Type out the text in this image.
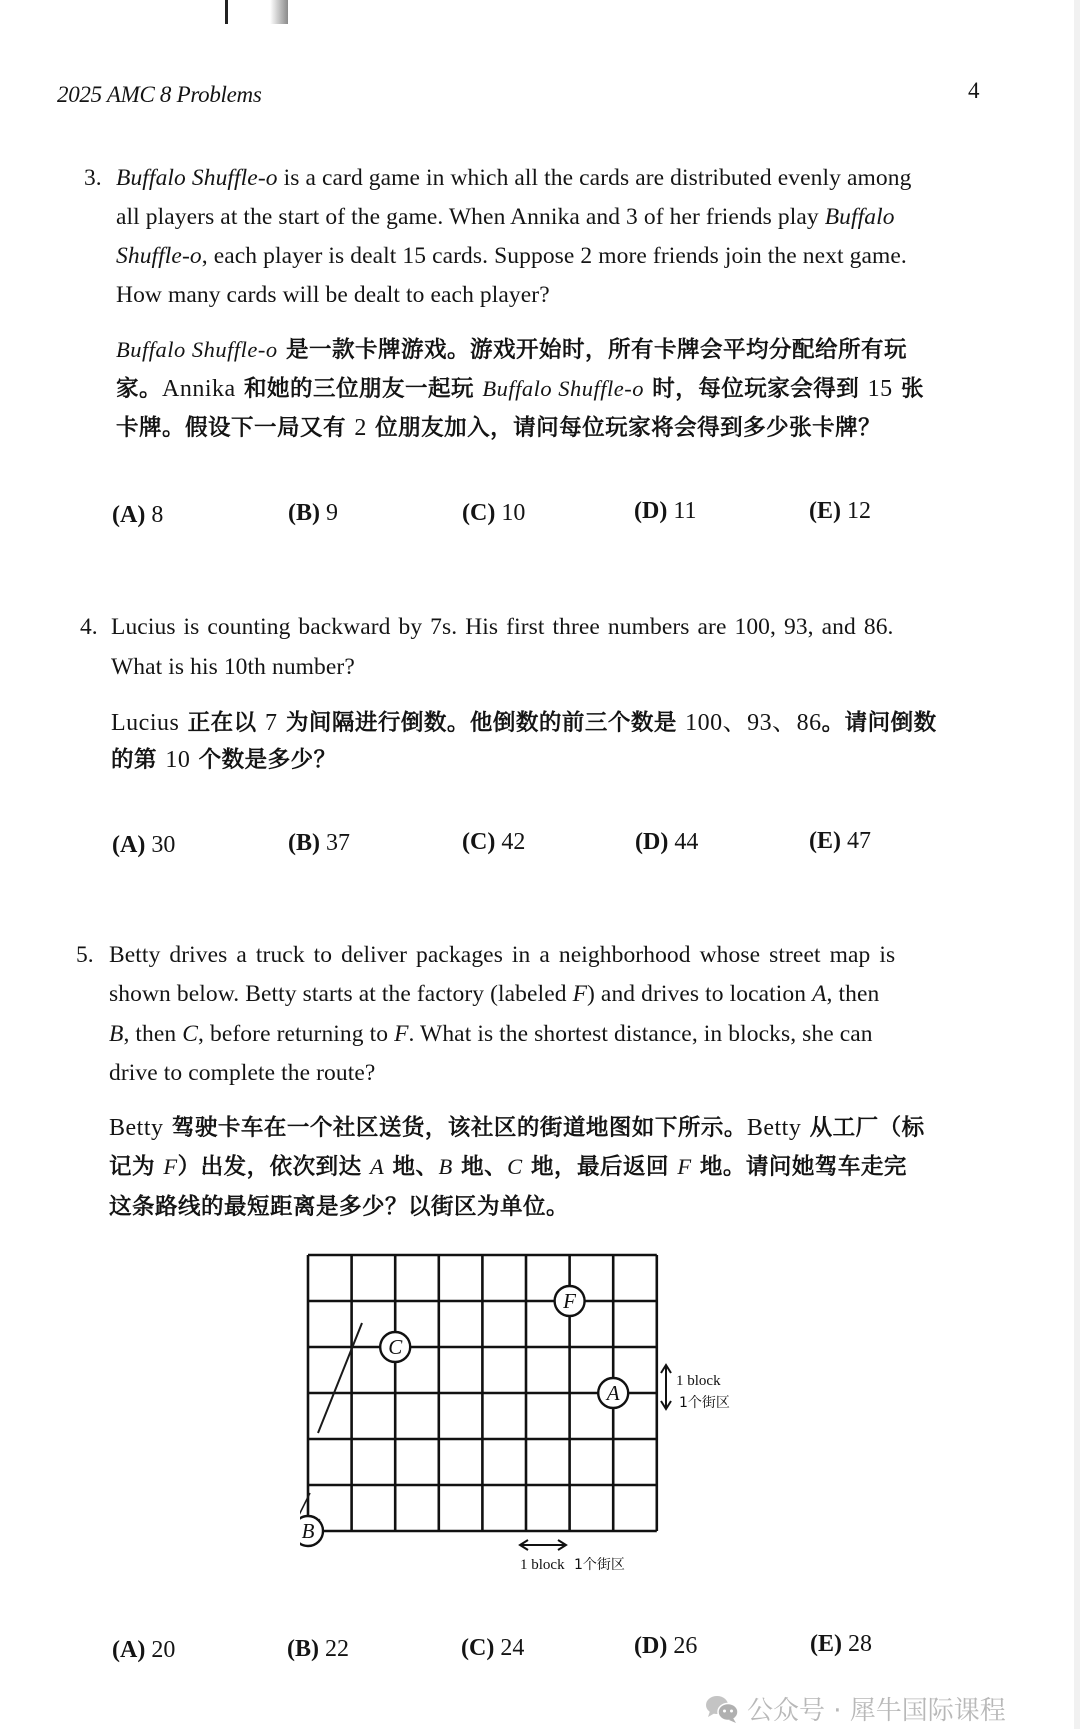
2025 AMC 8 Problems	4
3. Buffalo Shuffle-o is a card game in which all the cards are distributed evenly among
all players at the start of the game. When Annika and 3 of her friends play Buffalo
Shuffle-o, each player is dealt 15 cards. Suppose 2 more friends join the next game.
How many cards will be dealt to each player?
Buffalo Shuffle-o 是一款卡牌游戏。游戏开始时，所有卡牌会平均分配给所有玩
家。Annika 和她的三位朋友一起玩 Buffalo Shuffle-o 时，每位玩家会得到 15 张
卡牌。假设下一局又有 2 位朋友加入，请问每位玩家将会得到多少张卡牌？
(A) 8	(B) 9	(C) 10	(D) 11	(E) 12
4. Lucius is counting backward by 7s. His first three numbers are 100, 93, and 86.
What is his 10th number?
Lucius 正在以 7 为间隔进行倒数。他倒数的前三个数是 100、93、86。请问倒数
的第 10 个数是多少？
(A) 30	(B) 37	(C) 42	(D) 44	(E) 47
5. Betty drives a truck to deliver packages in a neighborhood whose street map is
shown below. Betty starts at the factory (labeled F) and drives to location A, then
B, then C, before returning to F. What is the shortest distance, in blocks, she can
drive to complete the route?
Betty 驾驶卡车在一个社区送货，该社区的街道地图如下所示。Betty 从工厂（标
记为 F）出发，依次到达 A 地、B 地、C 地，最后返回 F 地。请问她驾车走完
这条路线的最短距离是多少？以街区为单位。
F
C
A
B
1 block
1个街区
1 block 1个街区
(A) 20	(B) 22	(C) 24	(D) 26	(E) 28
公众号 · 犀牛国际课程
